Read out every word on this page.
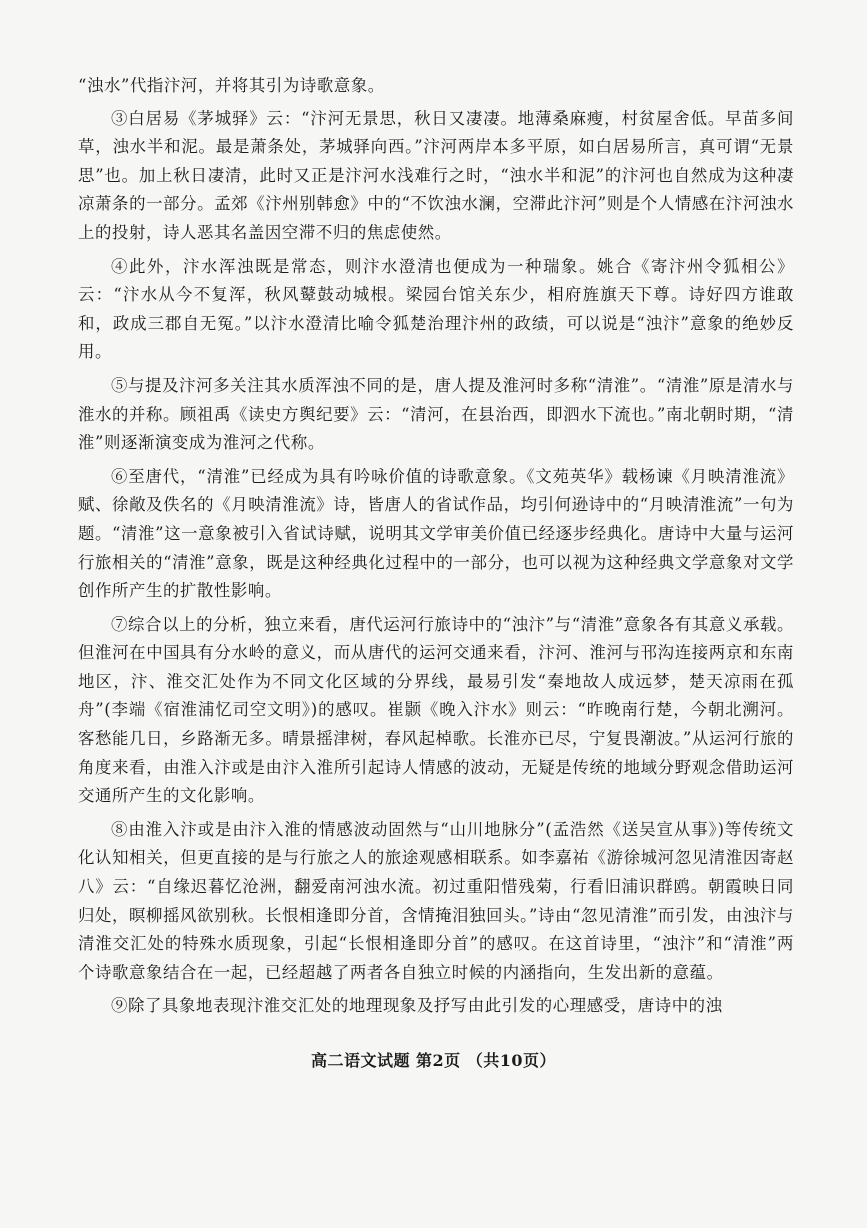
“浊水”代指汴河，并将其引为诗歌意象。

③白居易《茅城驿》云：“汴河无景思，秋日又凄凄。地薄桑麻瘦，村贫屋舍低。早苗多间草，浊水半和泥。最是萧条处，茅城驿向西。”汴河两岸本多平原，如白居易所言，真可谓“无景思”也。加上秋日凄清，此时又正是汴河水浅难行之时，“浊水半和泥”的汴河也自然成为这种凄凉萧条的一部分。孟郊《汴州别韩愈》中的“不饮浊水澜，空滞此汴河”则是个人情感在汴河浊水上的投射，诗人恶其名盖因空滞不归的焦虑使然。

④此外，汴水浑浊既是常态，则汴水澄清也便成为一种瑞象。姚合《寄汴州令狐相公》云：“汴水从今不复浑，秋风鼙鼓动城根。梁园台馆关东少，相府旌旗天下尊。诗好四方谁敢和，政成三郡自无冤。”以汴水澄清比喻令狐楚治理汴州的政绩，可以说是“浊汴”意象的绝妙反用。

⑤与提及汴河多关注其水质浑浊不同的是，唐人提及淮河时多称“清淮”。“清淮”原是清水与淮水的并称。顾祖禹《读史方舆纪要》云：“清河，在县治西，即泗水下流也。”南北朝时期，“清淮”则逐渐演变成为淮河之代称。

⑥至唐代，“清淮”已经成为具有吟咏价值的诗歌意象。《文苑英华》载杨谏《月映清淮流》赋、徐敞及佚名的《月映清淮流》诗，皆唐人的省试作品，均引何逊诗中的“月映清淮流”一句为题。“清淮”这一意象被引入省试诗赋，说明其文学审美价值已经逐步经典化。唐诗中大量与运河行旅相关的“清淮”意象，既是这种经典化过程中的一部分，也可以视为这种经典文学意象对文学创作所产生的扩散性影响。

⑦综合以上的分析，独立来看，唐代运河行旅诗中的“浊汴”与“清淮”意象各有其意义承载。但淮河在中国具有分水岭的意义，而从唐代的运河交通来看，汴河、淮河与邗沟连接两京和东南地区，汴、淮交汇处作为不同文化区域的分界线，最易引发“秦地故人成远梦，楚天凉雨在孤舟”(李端《宿淮浦忆司空文明》)的感叹。崔颢《晚入汴水》则云：“昨晚南行楚，今朝北溯河。客愁能几日，乡路渐无多。晴景摇津树，春风起棹歌。长淮亦已尽，宁复畏潮波。”从运河行旅的角度来看，由淮入汴或是由汴入淮所引起诗人情感的波动，无疑是传统的地域分野观念借助运河交通所产生的文化影响。

⑧由淮入汴或是由汴入淮的情感波动固然与“山川地脉分”(孟浩然《送吴宣从事》)等传统文化认知相关，但更直接的是与行旅之人的旅途观感相联系。如李嘉祐《游徐城河忽见清淮因寄赵八》云：“自缘迟暮忆沧洲，翻爱南河浊水流。初过重阳惜残菊，行看旧浦识群鸥。朝霞映日同归处，暝柳摇风欲别秋。长恨相逢即分首，含情掩泪独回头。”诗由“忽见清淮”而引发，由浊汴与清淮交汇处的特殊水质现象，引起“长恨相逢即分首”的感叹。在这首诗里，“浊汴”和“清淮”两个诗歌意象结合在一起，已经超越了两者各自独立时候的内涵指向，生发出新的意蕴。

⑨除了具象地表现汴淮交汇处的地理现象及抒写由此引发的心理感受，唐诗中的浊

高二语文试题 第2页 （共10页）
